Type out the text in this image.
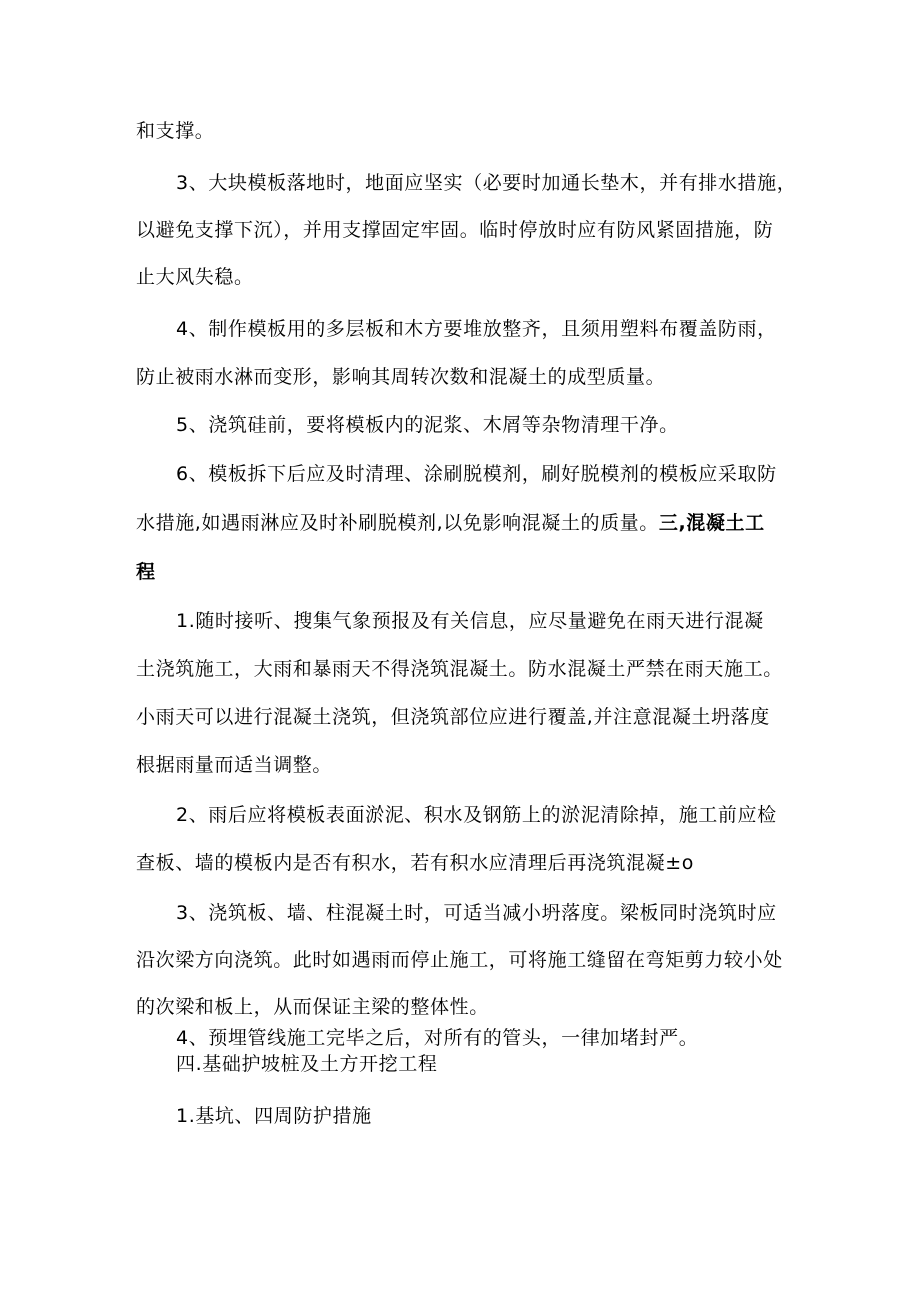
和支撑。
3、大块模板落地时，地面应坚实（必要时加通长垫木，并有排水措施，
以避免支撑下沉），并用支撑固定牢固。临时停放时应有防风紧固措施，防
止大风失稳。
4、制作模板用的多层板和木方要堆放整齐，且须用塑料布覆盖防雨，
防止被雨水淋而变形，影响其周转次数和混凝土的成型质量。
5、浇筑硅前，要将模板内的泥浆、木屑等杂物清理干净。
6、模板拆下后应及时清理、涂刷脱模剂，刷好脱模剂的模板应采取防
水措施,如遇雨淋应及时补刷脱模剂,以免影响混凝土的质量。三,混凝土工
程
1.随时接听、搜集气象预报及有关信息，应尽量避免在雨天进行混凝
土浇筑施工，大雨和暴雨天不得浇筑混凝土。防水混凝土严禁在雨天施工。
小雨天可以进行混凝土浇筑，但浇筑部位应进行覆盖,并注意混凝土坍落度
根据雨量而适当调整。
2、雨后应将模板表面淤泥、积水及钢筋上的淤泥清除掉，施工前应检
查板、墙的模板内是否有积水，若有积水应清理后再浇筑混凝±o
3、浇筑板、墙、柱混凝土时，可适当减小坍落度。梁板同时浇筑时应
沿次梁方向浇筑。此时如遇雨而停止施工，可将施工缝留在弯矩剪力较小处
的次梁和板上，从而保证主梁的整体性。
4、预埋管线施工完毕之后，对所有的管头，一律加堵封严。
四.基础护坡桩及土方开挖工程
1.基坑、四周防护措施
